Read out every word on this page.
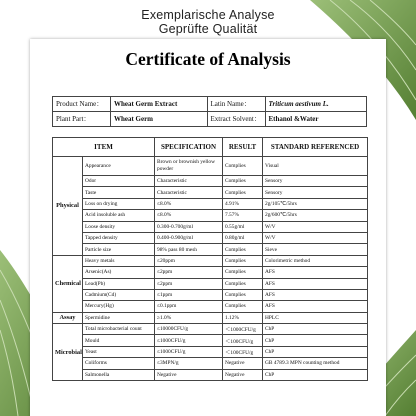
Exemplarische Analyse
Geprüfte Qualität
Certificate of Analysis
Product Name：	Wheat Germ Extract	Latin Name：	Triticum aestivum L.
Plant Part：	Wheat Germ	Extract Solvent：	Ethanol &Water
ITEM		SPECIFICATION	RESULT	STANDARD REFERENCED
Physical	Appearance	Brown or brownish yellow powder	Complies	Visual
	Odor	Characteristic	Complies	Sensory
	Taste	Characteristic	Complies	Sensory
	Loss on drying	≤8.0%	4.91%	2g/105℃/5hrs
	Acid insoluble ash	≤8.0%	7.57%	2g/600℃/5hrs
	Loose density	0.300-0.700g/ml	0.55g/ml	W/V
	Tapped density	0.400-0.900g/ml	0.80g/ml	W/V
	Particle size	98% pass 80 mesh	Complies	Sieve
Chemical	Heavy metals	≤20ppm	Complies	Colorimetric method
	Arsenic(As)	≤2ppm	Complies	AFS
	Lead(Pb)	≤2ppm	Complies	AFS
	Cadmium(Cd)	≤1ppm	Complies	AFS
	Mercury(Hg)	≤0.1ppm	Complies	AFS
Assay	Spermidine	≥1.0%	1.12%	HPLC
Microbial	Total microbacterial count	≤10000CFU/g	＜1000CFU/g	ChP
	Mould	≤1000CFU/g	＜100CFU/g	ChP
	Yeast	≤1000CFU/g	＜100CFU/g	ChP
	Coliforms	≤3MPN/g	Negative	GB 4789.3 MPN counting method
	Salmonella	Negative	Negative	ChP
